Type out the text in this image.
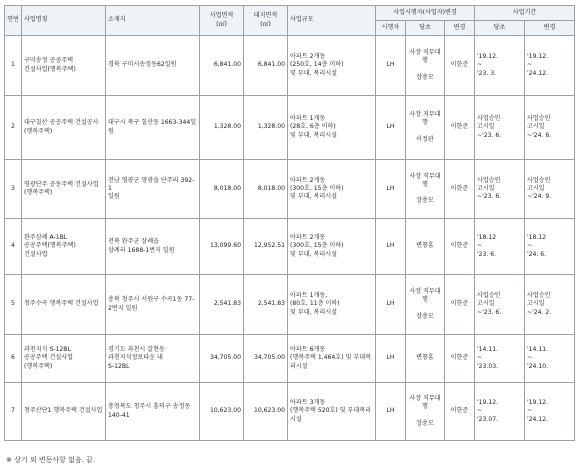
연번	사업명칭	소재지	사업면적
(㎡)	대지면적
(㎡)	사업규모	사업시행자(사업자)변경			사업기간	
						시행자	당초	변경	당초	변경
1	구미송정 공공주택
건설사업(행복주택)	경북 구미시송정동62일원	6,841.00	6,841.00	아파트 2개동
(250호, 14층 이하)
및 부대, 복리시설	LH	사장 직무대행

장충모	이한준	'19.12.
~
'23. 3.	'19.12.
~
'24.12.
2	대구칠산 공공주택 건설공사
(행복주택)	대구시 북구 칠산동 1663-344일원	1,328.00	1,328.00	아파트 1개동
(28호, 6층 이하)
및 부대, 복리시설	LH	사장 직무대행

이정관	이한준	사업승인
고시일
~'23. 6.	사업승인
고시일
~'24. 6.
3	영광단주 공동주택 건설사업
(행복주택)	전남 영광군 영광읍 단주리 392-1
일원	8,018.00	8,018.00	아파트 2개동
(300호, 15층 이하)
및 부대, 복리시설	LH	사장 직무대행

장충모	이한준	사업승인
고시일
~'23. 6.	사업승인
고시일
~'24. 9.
4	완주삼례 A-1BL
공공주택(행복주택)
건설사업	전북 완주군 삼례읍
삼례리 1688-1번지 일원	13,099.60	12,952.51	아파트 2개동
(300호, 15층 이하)
및 부대, 복리시설	LH	변창흠	이한준	'18.12
~
'23. 6.	'18.12
~
'24. 6.
5	청주수곡 행복주택 건설사업	충북 청주시 서원구 수곡1동 77-2번지 일원	2,541.83	2,541.83	아파트 1개동,
(80호, 11층 이하)
및 부대, 복리시설	LH	사장 직무대행

장충모	이한준	사업승인
고시일
~'23. 6.	사업승인
고시일
~'24. 2.
6	과천지식 S-12BL
공공주택 건설사업
(행복주택)	경기도 과천시 갈현동
과천지식정보타운 내
S-12BL	34,705.00	34,705.00	아파트 6개동
(행복주택 1,464호) 및 부대복리시설	LH	변창흠	이한준	'14.11.
~
'23.03.	'14.11.
~
'24.10.
7	청주산단1 행복주택 건설사업	충청북도 청주시 흥덕구 송정동
140-41	10,623.00	10,623.00	아파트 3개동
(행복주택 520호) 및 부대복리시설	LH	사장 직무대행

장충모	이한준	'19.12.
~
'23.07.	'19.12.
~
'24.12.
※ 상기 외 변동사항 없음. 끝.
